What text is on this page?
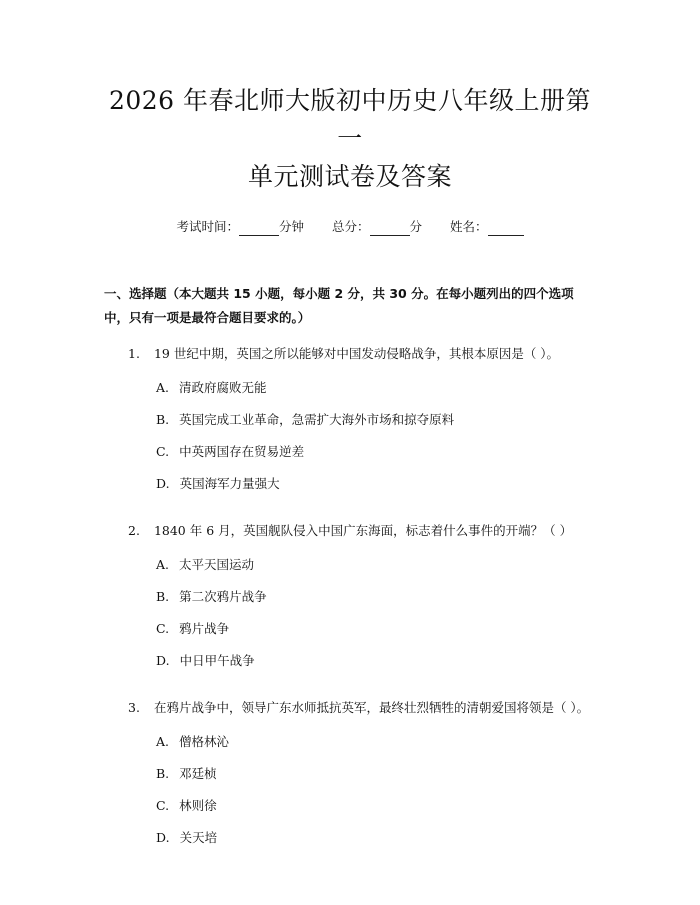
2026 年春北师大版初中历史八年级上册第一
单元测试卷及答案
考试时间：	分钟 总分：	分 姓名：
一、选择题（本大题共 15 小题，每小题 2 分，共 30 分。在每小题列出的四个选项中，只有一项是最符合题目要求的。）
1. 19 世纪中期，英国之所以能够对中国发动侵略战争，其根本原因是（ ）。
A. 清政府腐败无能
B. 英国完成工业革命，急需扩大海外市场和掠夺原料
C. 中英两国存在贸易逆差
D. 英国海军力量强大
2. 1840 年 6 月，英国舰队侵入中国广东海面，标志着什么事件的开端？（ ）
A. 太平天国运动
B. 第二次鸦片战争
C. 鸦片战争
D. 中日甲午战争
3. 在鸦片战争中，领导广东水师抵抗英军，最终壮烈牺牲的清朝爱国将领是（ ）。
A. 僧格林沁
B. 邓廷桢
C. 林则徐
D. 关天培
